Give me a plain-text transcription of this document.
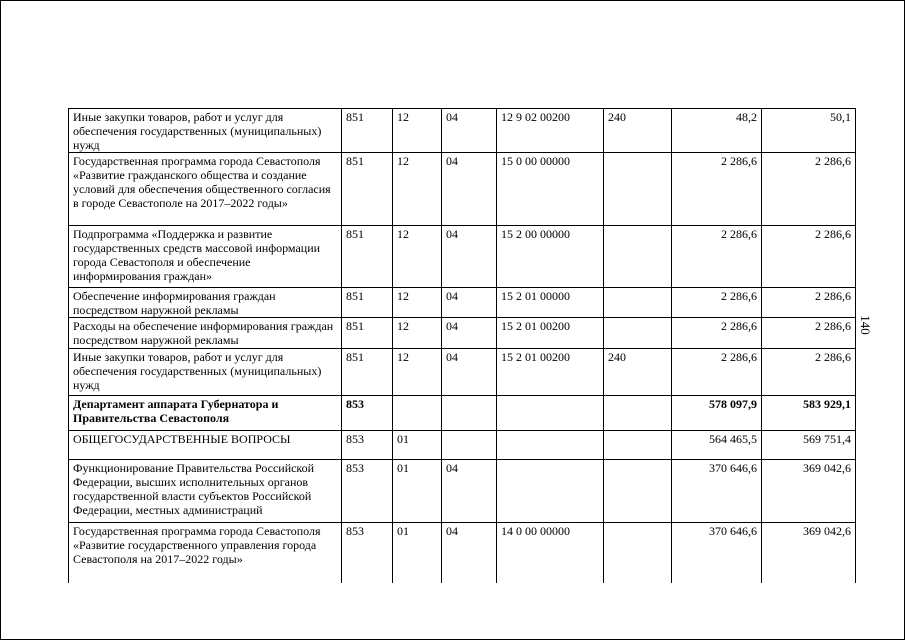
140
Иные закупки товаров, работ и услуг для обеспечения государственных (муниципальных) нужд	851	12	04	12 9 02 00200	240	48,2	50,1
Государственная программа города Севастополя «Развитие гражданского общества и создание условий для обеспечения общественного согласия в городе Севастополе на 2017–2022 годы»	851	12	04	15 0 00 00000		2 286,6	2 286,6
Подпрограмма «Поддержка и развитие государственных средств массовой информации города Севастополя и обеспечение информирования граждан»	851	12	04	15 2 00 00000		2 286,6	2 286,6
Обеспечение информирования граждан посредством наружной рекламы	851	12	04	15 2 01 00000		2 286,6	2 286,6
Расходы на обеспечение информирования граждан посредством наружной рекламы	851	12	04	15 2 01 00200		2 286,6	2 286,6
Иные закупки товаров, работ и услуг для обеспечения государственных (муниципальных) нужд	851	12	04	15 2 01 00200	240	2 286,6	2 286,6
Департамент аппарата Губернатора и Правительства Севастополя	853					578 097,9	583 929,1
ОБЩЕГОСУДАРСТВЕННЫЕ ВОПРОСЫ	853	01				564 465,5	569 751,4
Функционирование Правительства Российской Федерации, высших исполнительных органов государственной власти субъектов Российской Федерации, местных администраций	853	01	04			370 646,6	369 042,6
Государственная программа города Севастополя «Развитие государственного управления города Севастополя на 2017–2022 годы»	853	01	04	14 0 00 00000		370 646,6	369 042,6
